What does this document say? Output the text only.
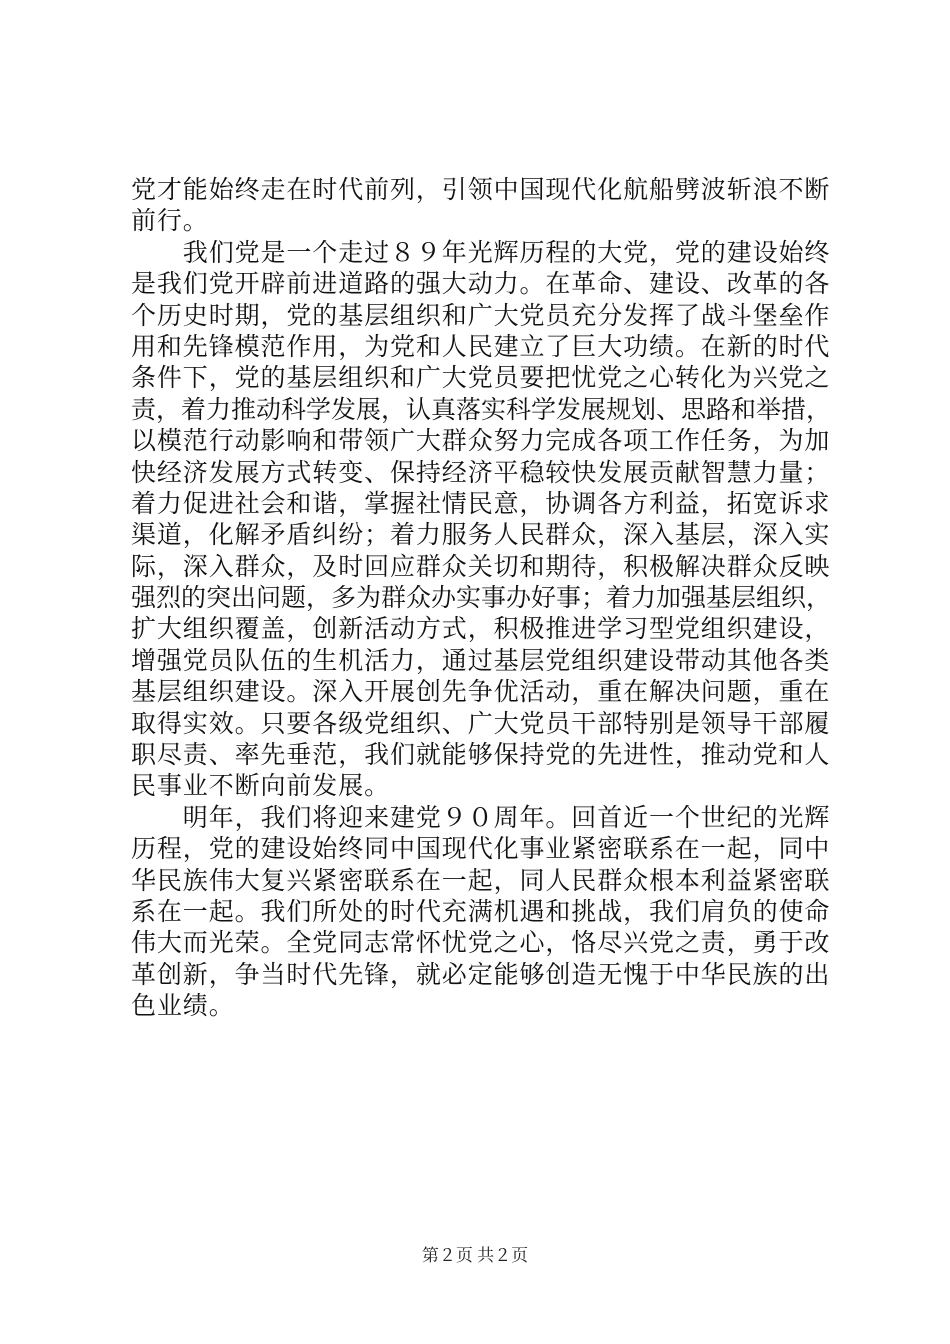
党才能始终走在时代前列，引领中国现代化航船劈波斩浪不断
前行。
　　我们党是一个走过８９年光辉历程的大党，党的建设始终
是我们党开辟前进道路的强大动力。在革命、建设、改革的各
个历史时期，党的基层组织和广大党员充分发挥了战斗堡垒作
用和先锋模范作用，为党和人民建立了巨大功绩。在新的时代
条件下，党的基层组织和广大党员要把忧党之心转化为兴党之
责，着力推动科学发展，认真落实科学发展规划、思路和举措，
以模范行动影响和带领广大群众努力完成各项工作任务，为加
快经济发展方式转变、保持经济平稳较快发展贡献智慧力量；
着力促进社会和谐，掌握社情民意，协调各方利益，拓宽诉求
渠道，化解矛盾纠纷；着力服务人民群众，深入基层，深入实
际，深入群众，及时回应群众关切和期待，积极解决群众反映
强烈的突出问题，多为群众办实事办好事；着力加强基层组织，
扩大组织覆盖，创新活动方式，积极推进学习型党组织建设，
增强党员队伍的生机活力，通过基层党组织建设带动其他各类
基层组织建设。深入开展创先争优活动，重在解决问题，重在
取得实效。只要各级党组织、广大党员干部特别是领导干部履
职尽责、率先垂范，我们就能够保持党的先进性，推动党和人
民事业不断向前发展。
　　明年，我们将迎来建党９０周年。回首近一个世纪的光辉
历程，党的建设始终同中国现代化事业紧密联系在一起，同中
华民族伟大复兴紧密联系在一起，同人民群众根本利益紧密联
系在一起。我们所处的时代充满机遇和挑战，我们肩负的使命
伟大而光荣。全党同志常怀忧党之心，恪尽兴党之责，勇于改
革创新，争当时代先锋，就必定能够创造无愧于中华民族的出
色业绩。
第２页 共２页
